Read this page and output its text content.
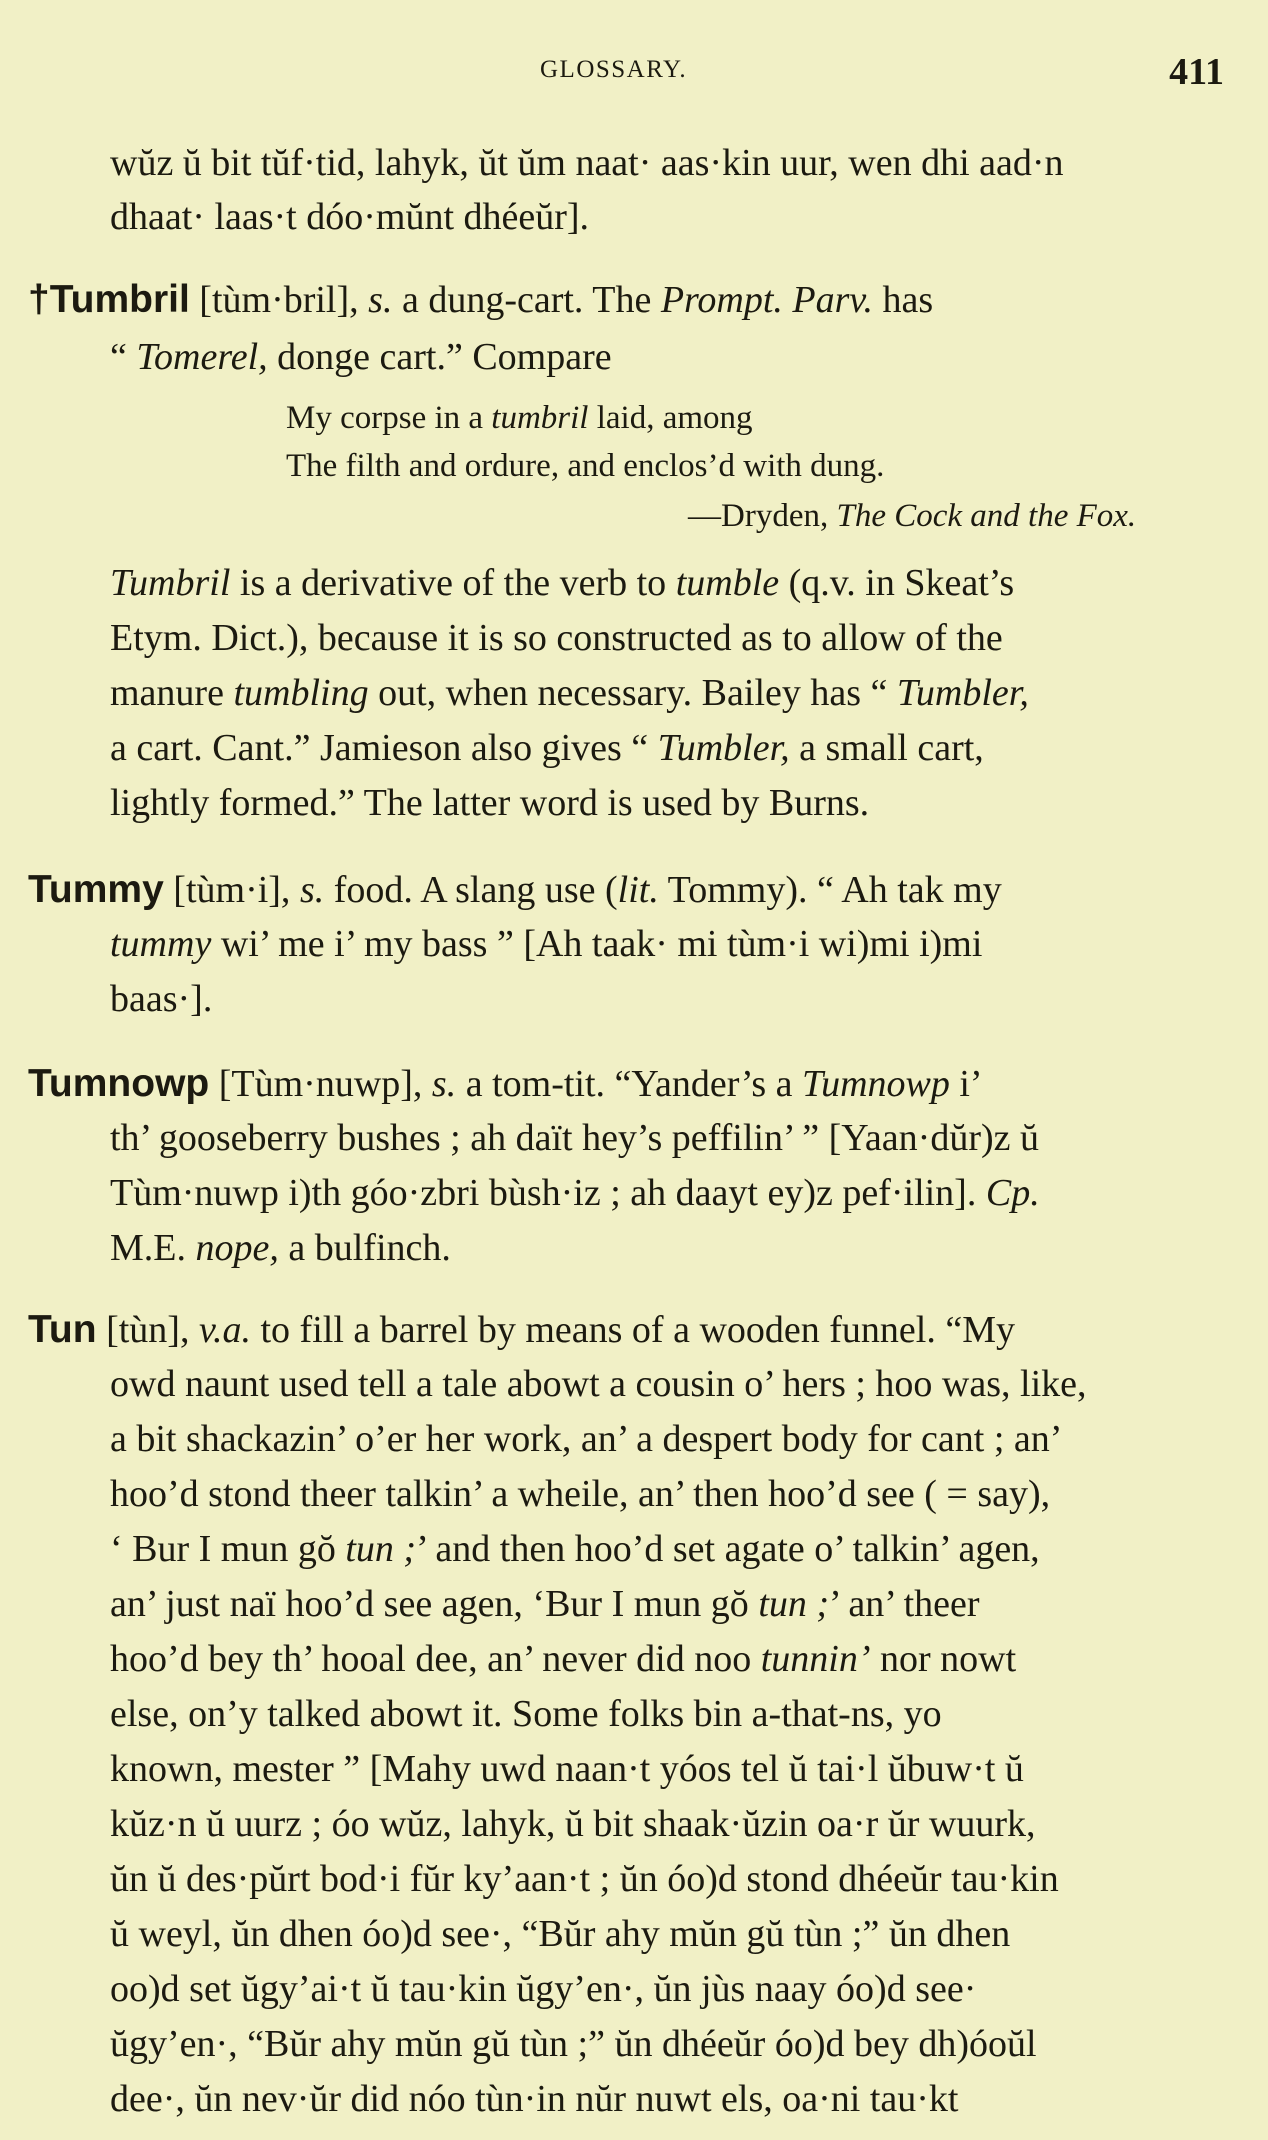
GLOSSARY.	411
wŭz ŭ bit tŭf·tid, lahyk, ŭt ŭm naat· aas·kin uur, wen dhi aad·n
dhaat· laas·t dóo·mŭnt dhéeŭr].
†Tumbril [tùm·bril], s. a dung-cart. The Prompt. Parv. has
“ Tomerel, donge cart.” Compare
My corpse in a tumbril laid, among
The filth and ordure, and enclos’d with dung.
—Dryden, The Cock and the Fox.
Tumbril is a derivative of the verb to tumble (q.v. in Skeat’s
Etym. Dict.), because it is so constructed as to allow of the
manure tumbling out, when necessary. Bailey has “ Tumbler,
a cart. Cant.” Jamieson also gives “ Tumbler, a small cart,
lightly formed.” The latter word is used by Burns.
Tummy [tùm·i], s. food. A slang use (lit. Tommy). “ Ah tak my
tummy wi’ me i’ my bass ” [Ah taak· mi tùm·i wi)mi i)mi
baas·].
Tumnowp [Tùm·nuwp], s. a tom-tit. “Yander’s a Tumnowp i’
th’ gooseberry bushes ; ah daït hey’s peffilin’ ” [Yaan·dŭr)z ŭ
Tùm·nuwp i)th góo·zbri bùsh·iz ; ah daayt ey)z pef·ilin]. Cp.
M.E. nope, a bulfinch.
Tun [tùn], v.a. to fill a barrel by means of a wooden funnel. “My
owd naunt used tell a tale abowt a cousin o’ hers ; hoo was, like,
a bit shackazin’ o’er her work, an’ a despert body for cant ; an’
hoo’d stond theer talkin’ a wheile, an’ then hoo’d see ( = say),
‘ Bur I mun gŏ tun ;’ and then hoo’d set agate o’ talkin’ agen,
an’ just naï hoo’d see agen, ‘Bur I mun gŏ tun ;’ an’ theer
hoo’d bey th’ hooal dee, an’ never did noo tunnin’ nor nowt
else, on’y talked abowt it. Some folks bin a-that-ns, yo
known, mester ” [Mahy uwd naan·t yóos tel ŭ tai·l ŭbuw·t ŭ
kŭz·n ŭ uurz ; óo wŭz, lahyk, ŭ bit shaak·ŭzin oa·r ŭr wuurk,
ŭn ŭ des·pŭrt bod·i fŭr ky’aan·t ; ŭn óo)d stond dhéeŭr tau·kin
ŭ weyl, ŭn dhen óo)d see·, “Bŭr ahy mŭn gŭ tùn ;” ŭn dhen
oo)d set ŭgy’ai·t ŭ tau·kin ŭgy’en·, ŭn jùs naay óo)d see·
ŭgy’en·, “Bŭr ahy mŭn gŭ tùn ;” ŭn dhéeŭr óo)d bey dh)óoŭl
dee·, ŭn nev·ŭr did nóo tùn·in nŭr nuwt els, oa·ni tau·kt
